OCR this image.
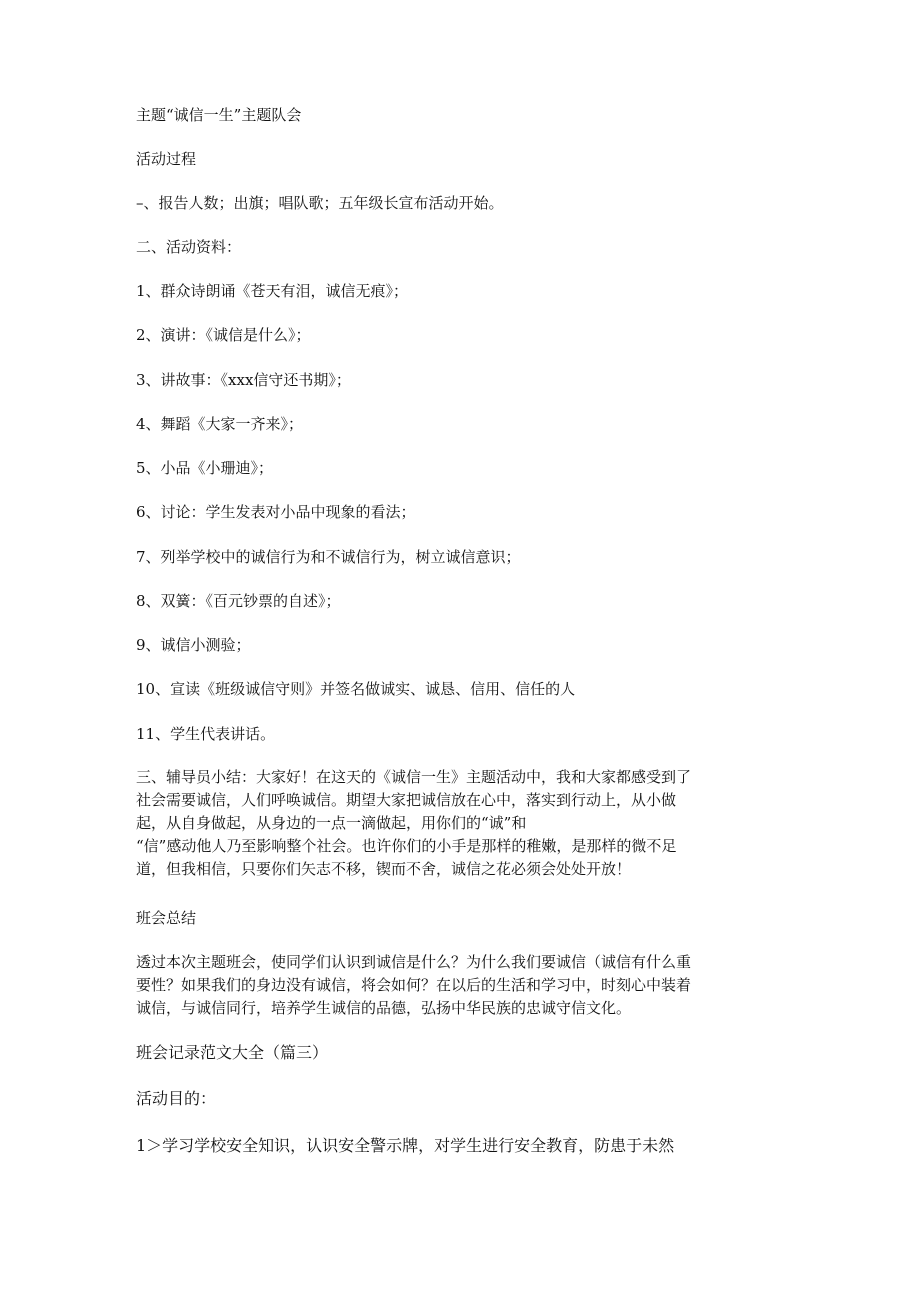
主题“诚信一生”主题队会

活动过程

–、报告人数；出旗；唱队歌；五年级长宣布活动开始。

二、活动资料：

1、群众诗朗诵《苍天有泪，诚信无痕》；

2、演讲：《诚信是什么》；

3、讲故事：《xxx信守还书期》；

4、舞蹈《大家一齐来》；

5、小品《小珊迪》；

6、讨论：学生发表对小品中现象的看法；

7、列举学校中的诚信行为和不诚信行为，树立诚信意识；

8、双簧：《百元钞票的自述》；

9、诚信小测验；

10、宣读《班级诚信守则》并签名做诚实、诚恳、信用、信任的人

11、学生代表讲话。

三、辅导员小结：大家好！在这天的《诚信一生》主题活动中，我和大家都感受到了
社会需要诚信，人们呼唤诚信。期望大家把诚信放在心中，落实到行动上，从小做
起，从自身做起，从身边的一点一滴做起，用你们的“诚”和
“信”感动他人乃至影响整个社会。也许你们的小手是那样的稚嫩，是那样的微不足
道，但我相信，只要你们矢志不移，锲而不舍，诚信之花必须会处处开放！

班会总结

透过本次主题班会，使同学们认识到诚信是什么？为什么我们要诚信（诚信有什么重
要性？如果我们的身边没有诚信，将会如何？在以后的生活和学习中，时刻心中装着
诚信，与诚信同行，培养学生诚信的品德，弘扬中华民族的忠诚守信文化。

班会记录范文大全（篇三）

活动目的：

1＞学习学校安全知识，认识安全警示牌，对学生进行安全教育，防患于未然
